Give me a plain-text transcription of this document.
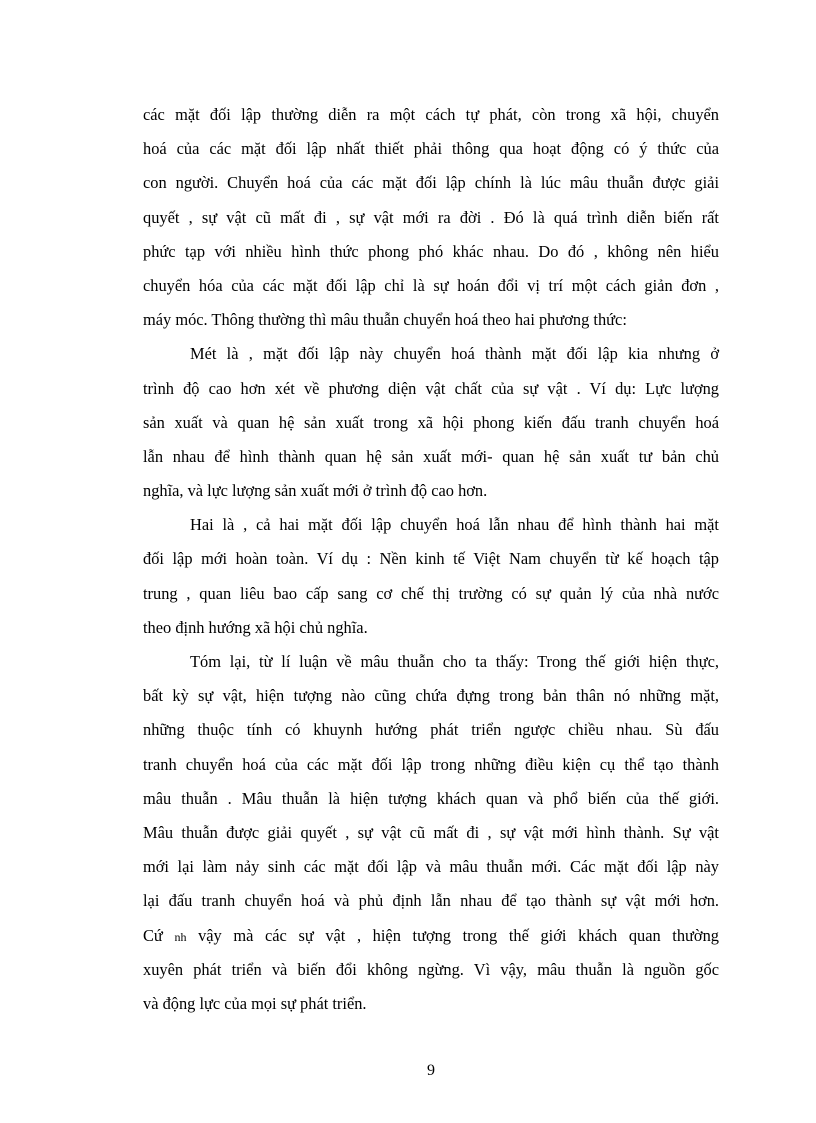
các mặt đối lập thường diễn ra một cách tự phát, còn trong xã hội, chuyển
hoá của các mặt đối lập nhất thiết phải thông qua hoạt động có ý thức của
con người. Chuyển hoá của các mặt đối lập chính là lúc mâu thuẫn được giải
quyết , sự vật cũ mất đi , sự vật mới ra đời . Đó là quá trình diễn biến rất
phức tạp với nhiều hình thức phong phó khác nhau. Do đó , không nên hiểu
chuyển hóa của các mặt đối lập chỉ là sự hoán đổi vị trí một cách giản đơn ,
máy móc. Thông thường thì mâu thuẫn chuyển hoá theo hai phương thức:

Mét là , mặt đối lập này chuyển hoá thành mặt đối lập kia nhưng ở
trình độ cao hơn xét về phương diện vật chất của sự vật . Ví dụ: Lực lượng
sản xuất và quan hệ sản xuất trong xã hội phong kiến đấu tranh chuyển hoá
lẫn nhau để hình thành quan hệ sản xuất mới- quan hệ sản xuất tư bản chủ
nghĩa, và lực lượng sản xuất mới ở trình độ cao hơn.

Hai là , cả hai mặt đối lập chuyển hoá lẫn nhau để hình thành hai mặt
đối lập mới hoàn toàn. Ví dụ : Nền kinh tế Việt Nam chuyển từ kế hoạch tập
trung , quan liêu bao cấp sang cơ chế thị trường có sự quản lý của nhà nước
theo định hướng xã hội chủ nghĩa.

Tóm lại, từ lí luận về mâu thuẫn cho ta thấy: Trong thế giới hiện thực,
bất kỳ sự vật, hiện tượng nào cũng chứa đựng trong bản thân nó những mặt,
những thuộc tính có khuynh hướng phát triển ngược chiều nhau. Sù đấu
tranh chuyển hoá của các mặt đối lập trong những điều kiện cụ thể tạo thành
mâu thuẫn . Mâu thuẫn là hiện tượng khách quan và phổ biến của thế giới.
Mâu thuẫn được giải quyết , sự vật cũ mất đi , sự vật mới hình thành. Sự vật
mới lại làm nảy sinh các mặt đối lập và mâu thuẫn mới. Các mặt đối lập này
lại đấu tranh chuyển hoá và phủ định lẫn nhau để tạo thành sự vật mới hơn.
Cứ nh vậy mà các sự vật , hiện tượng trong thế giới khách quan thường
xuyên phát triển và biến đổi không ngừng. Vì vậy, mâu thuẫn là nguồn gốc
và động lực của mọi sự phát triển.

9
